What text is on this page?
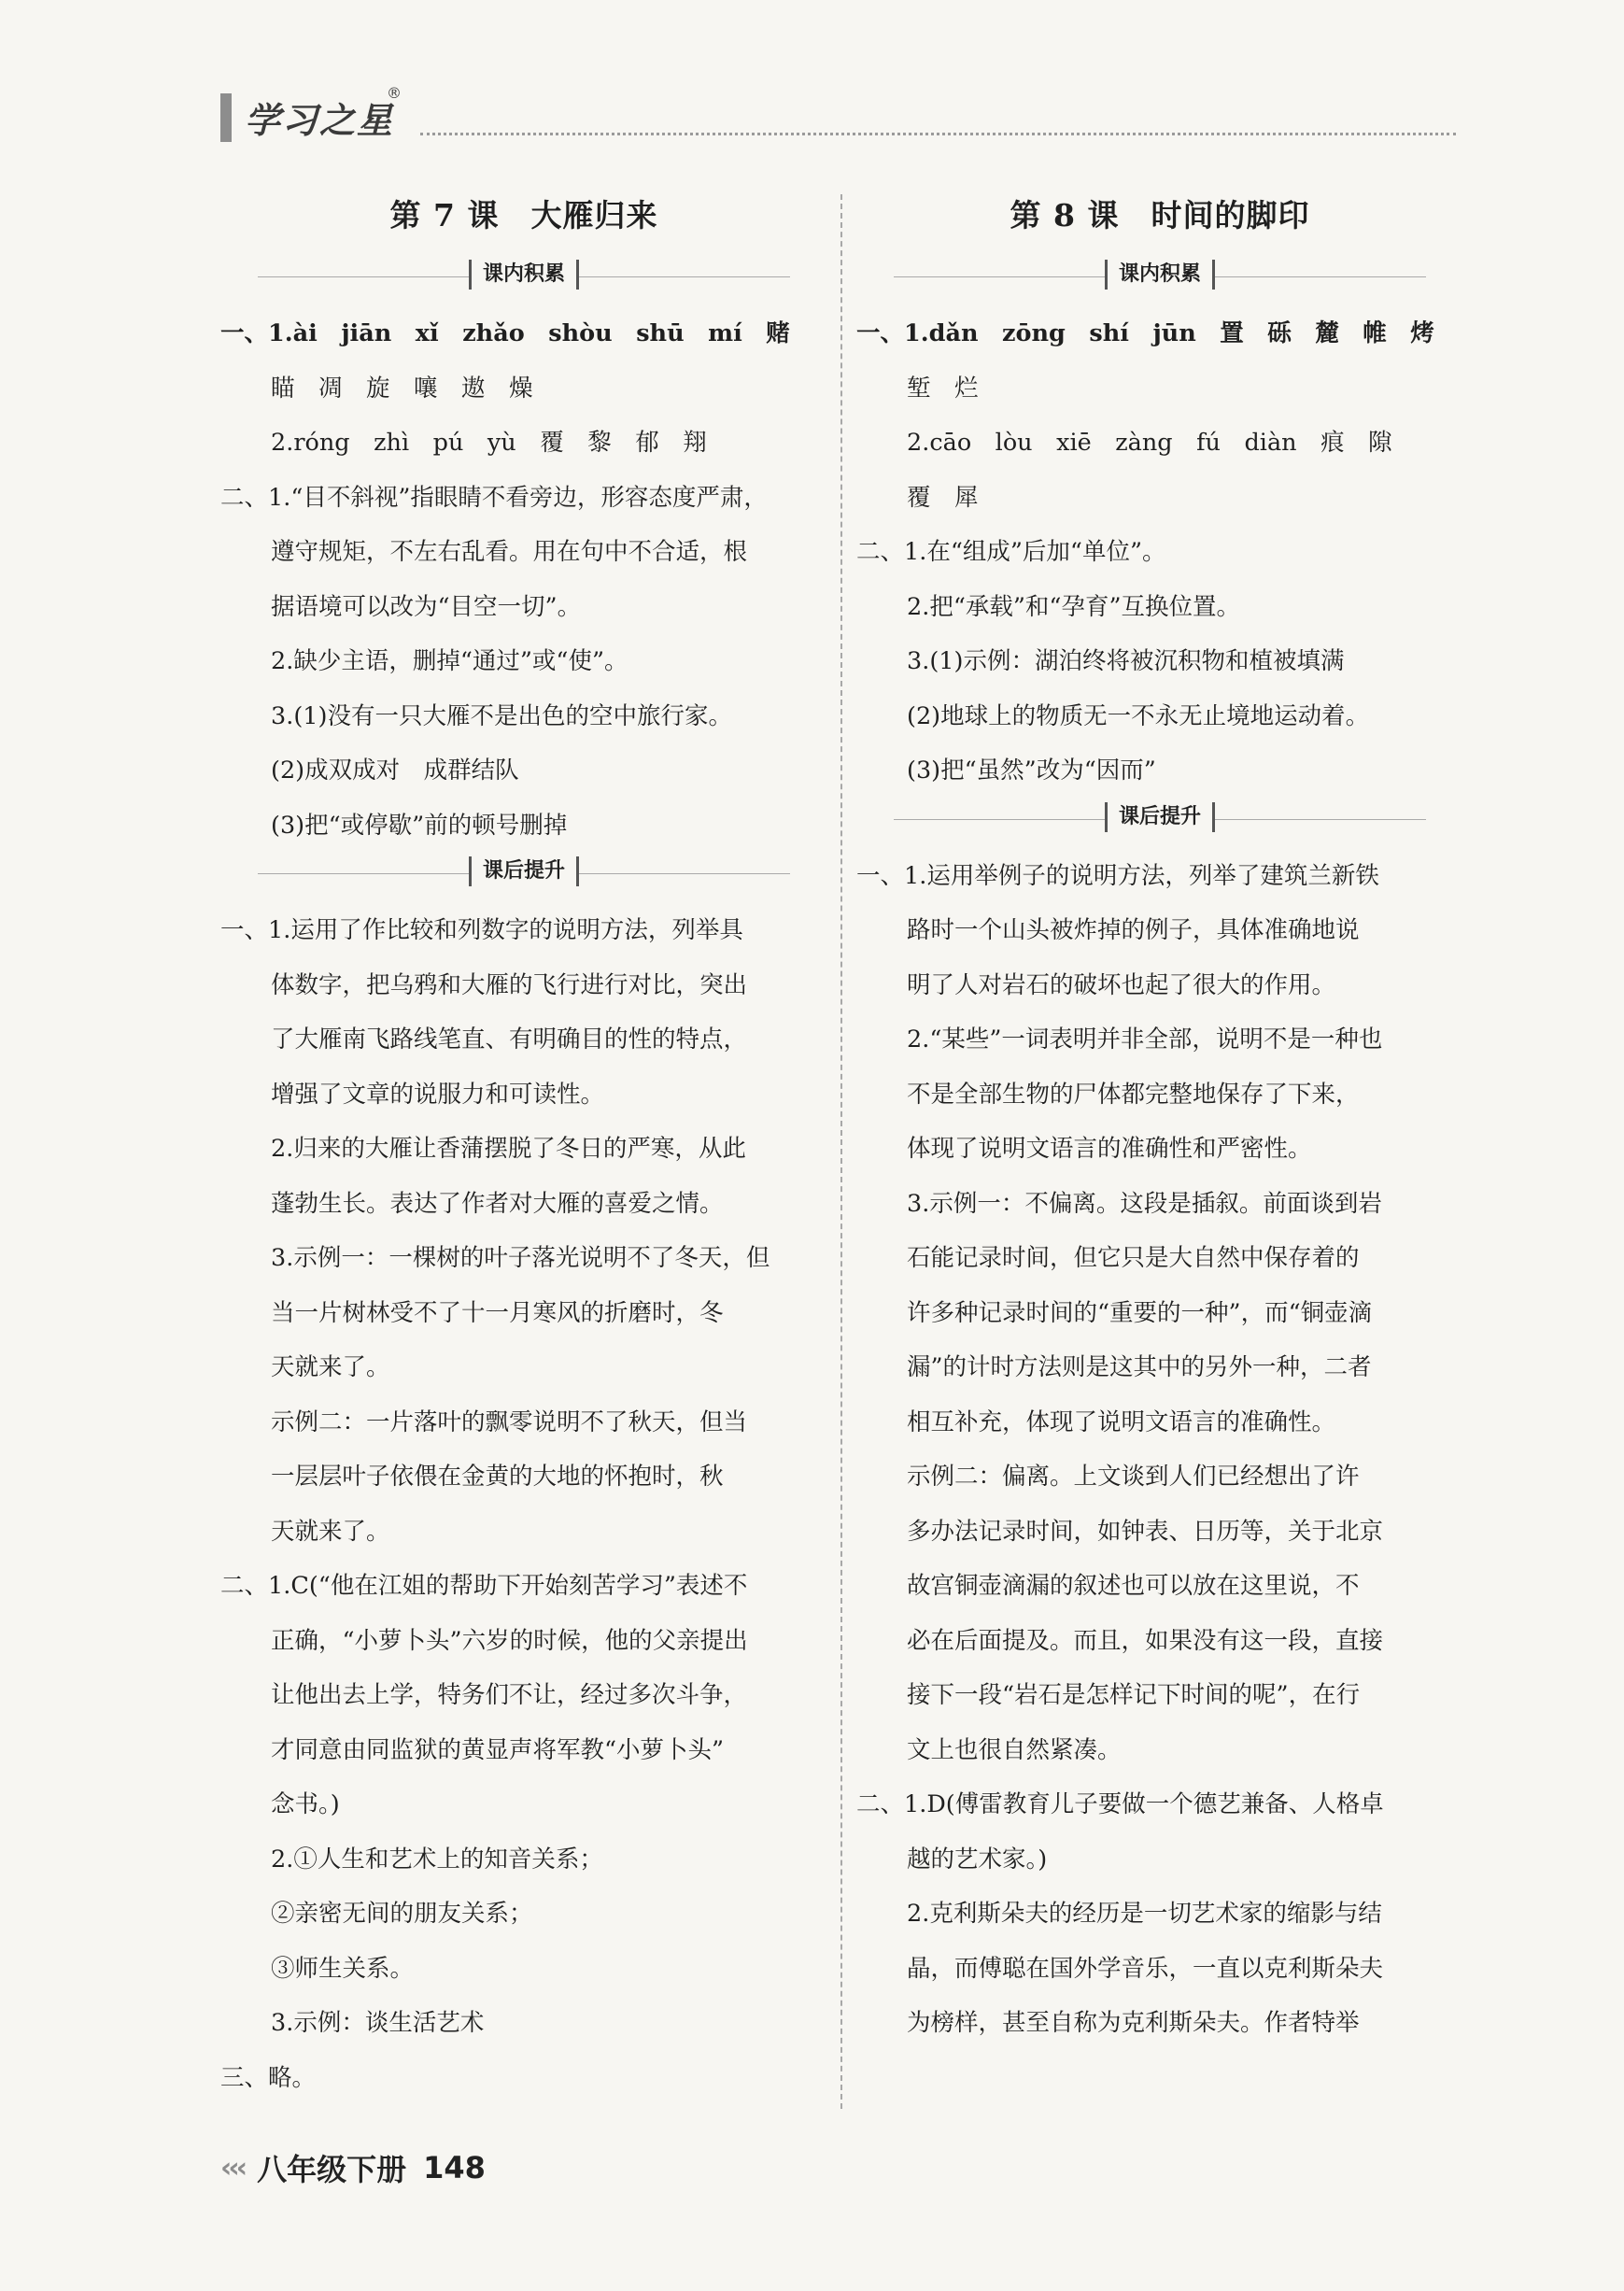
学习之星
®
第 7 课　大雁归来
课内积累
一、1.ài　jiān　xǐ　zhǎo　shòu　shū　mí　赌
瞄　凋　旋　嚷　遨　燥
2.róng　zhì　pú　yù　覆　黎　郁　翔
二、1.“目不斜视”指眼睛不看旁边，形容态度严肃，
遵守规矩，不左右乱看。用在句中不合适，根
据语境可以改为“目空一切”。
2.缺少主语，删掉“通过”或“使”。
3.(1)没有一只大雁不是出色的空中旅行家。
(2)成双成对　成群结队
(3)把“或停歇”前的顿号删掉
课后提升
一、1.运用了作比较和列数字的说明方法，列举具
体数字，把乌鸦和大雁的飞行进行对比，突出
了大雁南飞路线笔直、有明确目的性的特点，
增强了文章的说服力和可读性。
2.归来的大雁让香蒲摆脱了冬日的严寒，从此
蓬勃生长。表达了作者对大雁的喜爱之情。
3.示例一：一棵树的叶子落光说明不了冬天，但
当一片树林受不了十一月寒风的折磨时，冬
天就来了。
示例二：一片落叶的飘零说明不了秋天，但当
一层层叶子依偎在金黄的大地的怀抱时，秋
天就来了。
二、1.C(“他在江姐的帮助下开始刻苦学习”表述不
正确，“小萝卜头”六岁的时候，他的父亲提出
让他出去上学，特务们不让，经过多次斗争，
才同意由同监狱的黄显声将军教“小萝卜头”
念书。)
2.①人生和艺术上的知音关系；
②亲密无间的朋友关系；
③师生关系。
3.示例：谈生活艺术
三、略。
第 8 课　时间的脚印
课内积累
一、1.dǎn　zōng　shí　jūn　置　砾　麓　帷　烤
堑　烂
2.cāo　lòu　xiē　zàng　fú　diàn　痕　隙
覆　犀
二、1.在“组成”后加“单位”。
2.把“承载”和“孕育”互换位置。
3.(1)示例：湖泊终将被沉积物和植被填满
(2)地球上的物质无一不永无止境地运动着。
(3)把“虽然”改为“因而”
课后提升
一、1.运用举例子的说明方法，列举了建筑兰新铁
路时一个山头被炸掉的例子，具体准确地说
明了人对岩石的破坏也起了很大的作用。
2.“某些”一词表明并非全部，说明不是一种也
不是全部生物的尸体都完整地保存了下来，
体现了说明文语言的准确性和严密性。
3.示例一：不偏离。这段是插叙。前面谈到岩
石能记录时间，但它只是大自然中保存着的
许多种记录时间的“重要的一种”，而“铜壶滴
漏”的计时方法则是这其中的另外一种，二者
相互补充，体现了说明文语言的准确性。
示例二：偏离。上文谈到人们已经想出了许
多办法记录时间，如钟表、日历等，关于北京
故宫铜壶滴漏的叙述也可以放在这里说，不
必在后面提及。而且，如果没有这一段，直接
接下一段“岩石是怎样记下时间的呢”，在行
文上也很自然紧凑。
二、1.D(傅雷教育儿子要做一个德艺兼备、人格卓
越的艺术家。)
2.克利斯朵夫的经历是一切艺术家的缩影与结
晶，而傅聪在国外学音乐，一直以克利斯朵夫
为榜样，甚至自称为克利斯朵夫。作者特举
‹‹‹ 八年级下册 148
